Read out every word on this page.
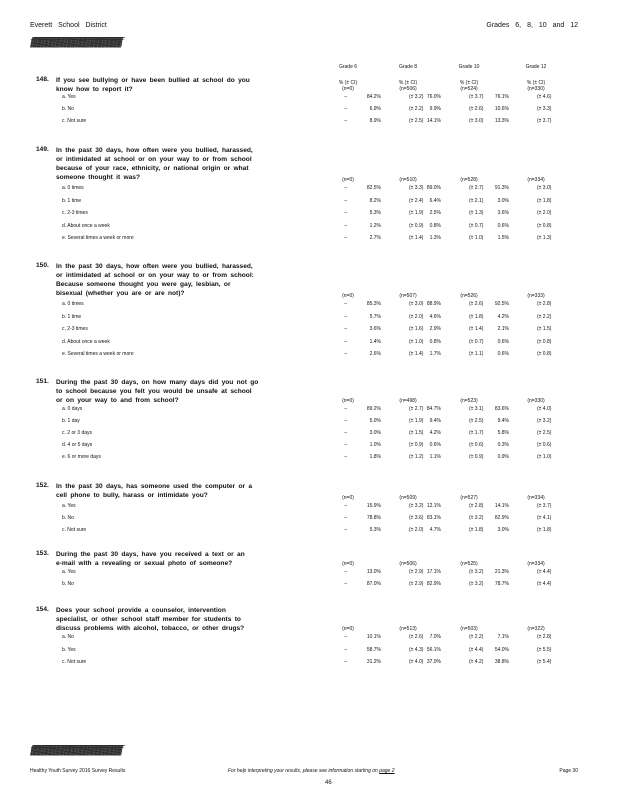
Everett School District	Grades 6, 8, 10 and 12
ffffffffffffffffffffffffffffffffffffffffffffffffffffffffffffffffffffffffffffffffffffffff
Grade 6
% (± CI)
Grade 8
% (± CI)
Grade 10
% (± CI)
Grade 12
% (± CI)
148. If you see bullying or have been bullied at school do you
know how to report it?	(n=0)	(n=506)	(n=524)	(n=330)
a. Yes	--	84.2%	(± 3.2) 76.0%	(± 3.7)	76.1%	(± 4.6)
b. No	--	6.9%	(± 2.2)	9.9%	(± 2.6)	10.6%	(± 3.3)
c. Not sure	--	8.9%	(± 2.5) 14.1%	(± 3.0)	13.3%	(± 3.7)
149. In the past 30 days, how often were you bullied, harassed,
or intimidated at school or on your way to or from school
because of your race, ethnicity, or national origin or what
someone thought it was?	(n=0)	(n=510)	(n=528)	(n=334)
a. 0 times	--	82.5%	(± 3.3) 89.0%	(± 2.7)	91.3%	(± 3.0)
b. 1 time	--	8.2%	(± 2.4)	6.4%	(± 2.1)	3.0%	(± 1.8)
c. 2-3 times	--	5.3%	(± 1.9)	2.5%	(± 1.3)	3.6%	(± 2.0)
d. About once a week	--	1.2%	(± 0.9)	0.8%	(± 0.7)	0.6%	(± 0.8)
e. Several times a week or more	--	2.7%	(± 1.4)	1.3%	(± 1.0)	1.5%	(± 1.3)
150. In the past 30 days, how often were you bullied, harassed,
or intimidated at school or on your way to or from school:
Because someone thought you were gay, lesbian, or
bisexual (whether you are or are not)?	(n=0)	(n=507)	(n=526)	(n=333)
a. 0 times	--	85.3%	(± 3.0) 88.9%	(± 2.6)	92.5%	(± 2.8)
b. 1 time	--	5.7%	(± 2.0)	4.6%	(± 1.8)	4.2%	(± 2.2)
c. 2-3 times	--	3.6%	(± 1.6)	2.9%	(± 1.4)	2.1%	(± 1.5)
d. About once a week	--	1.4%	(± 1.0)	0.8%	(± 0.7)	0.6%	(± 0.8)
e. Several times a week or more	--	2.6%	(± 1.4)	1.7%	(± 1.1)	0.6%	(± 0.8)
151. During the past 30 days, on how many days did you not go
to school because you felt you would be unsafe at school
or on your way to and from school?	(n=0)	(n=498)	(n=523)	(n=330)
a. 0 days	--	89.2%	(± 2.7) 84.7%	(± 3.1)	83.6%	(± 4.0)
b. 1 day	--	5.0%	(± 1.9)	9.4%	(± 2.5)	9.4%	(± 3.2)
c. 2 or 3 days	--	3.0%	(± 1.5)	4.2%	(± 1.7)	5.8%	(± 2.5)
d. 4 or 5 days	--	1.0%	(± 0.9)	0.6%	(± 0.6)	0.3%	(± 0.6)
e. 6 or more days	--	1.8%	(± 1.2)	1.1%	(± 0.9)	0.9%	(± 1.0)
152. In the past 30 days, has someone used the computer or a
cell phone to bully, harass or intimidate you?	(n=0)	(n=509)	(n=527)	(n=334)
a. Yes	--	15.9%	(± 3.2) 12.1%	(± 2.8)	14.1%	(± 3.7)
b. No	--	78.8%	(± 3.6) 83.1%	(± 3.2)	82.9%	(± 4.1)
c. Not sure	--	5.3%	(± 2.0)	4.7%	(± 1.8)	3.0%	(± 1.8)
153. During the past 30 days, have you received a text or an
e-mail with a revealing or sexual photo of someone?	(n=0)	(n=506)	(n=525)	(n=334)
a. Yes	--	13.0%	(± 2.9) 17.1%	(± 3.2)	21.3%	(± 4.4)
b. No	--	87.0%	(± 2.9) 82.9%	(± 3.2)	78.7%	(± 4.4)
154. Does your school provide a counselor, intervention
specialist, or other school staff member for students to
discuss problems with alcohol, tobacco, or other drugs?	(n=0)	(n=513)	(n=503)	(n=322)
a. No	--	10.1%	(± 2.6)	7.0%	(± 2.2)	7.1%	(± 2.8)
b. Yes	--	58.7%	(± 4.3) 56.1%	(± 4.4)	54.0%	(± 5.5)
c. Not sure	--	31.2%	(± 4.0) 37.0%	(± 4.2)	38.8%	(± 5.4)
ffffffffffffffffffffffffffffffffffffffffffffffffffffffffffffffffffffffffffffffffffffffff
Healthy Youth Survey 2016 Survey Results	For help interpreting your results, please see information starting on page 2	Page 30
46
